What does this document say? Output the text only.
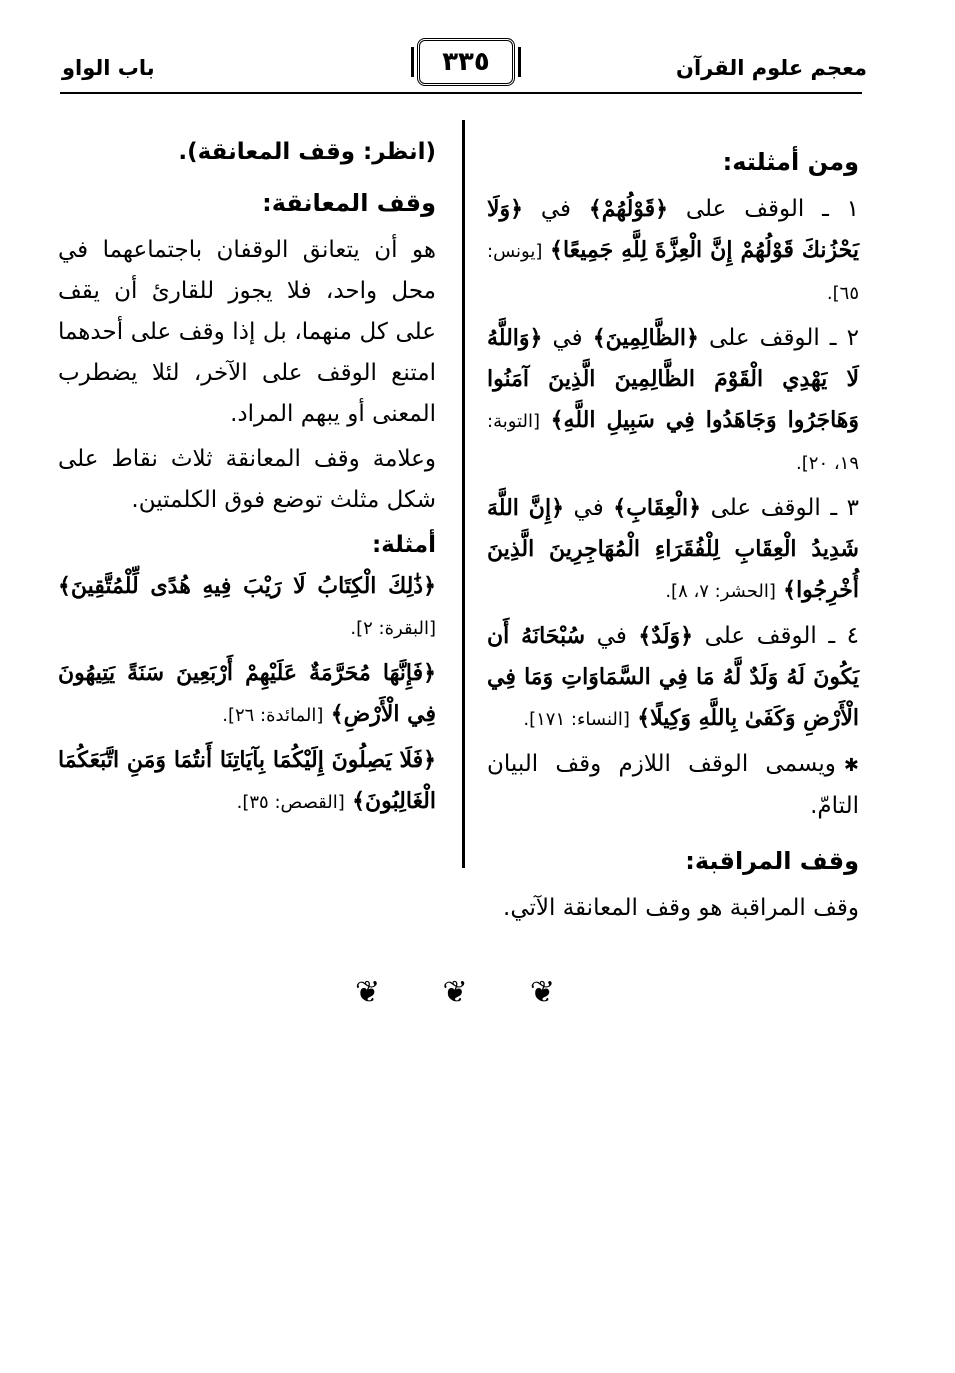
معجم علوم القرآن
٣٣٥
باب الواو
ومن أمثلته:
١ ـ الوقف على ﴿قَوْلُهُمْ﴾ في ﴿وَلَا يَحْزُنكَ قَوْلُهُمْ إِنَّ الْعِزَّةَ لِلَّهِ جَمِيعًا﴾ [يونس: ٦٥].
٢ ـ الوقف على ﴿الظَّالِمِينَ﴾ في ﴿وَاللَّهُ لَا يَهْدِي الْقَوْمَ الظَّالِمِينَ الَّذِينَ آمَنُوا وَهَاجَرُوا وَجَاهَدُوا فِي سَبِيلِ اللَّهِ﴾ [التوبة: ١٩، ٢٠].
٣ ـ الوقف على ﴿الْعِقَابِ﴾ في ﴿إِنَّ اللَّهَ شَدِيدُ الْعِقَابِ لِلْفُقَرَاءِ الْمُهَاجِرِينَ الَّذِينَ أُخْرِجُوا﴾ [الحشر: ٧، ٨].
٤ ـ الوقف على ﴿وَلَدٌ﴾ في سُبْحَانَهُ أَن يَكُونَ لَهُ وَلَدٌ لَّهُ مَا فِي السَّمَاوَاتِ وَمَا فِي الْأَرْضِ وَكَفَىٰ بِاللَّهِ وَكِيلًا﴾ [النساء: ١٧١].
✱ويسمى الوقف اللازم وقف البيان التامّ.
وقف المراقبة:
وقف المراقبة هو وقف المعانقة الآتي.
(انظر: وقف المعانقة).
وقف المعانقة:
هو أن يتعانق الوقفان باجتماعهما في محل واحد، فلا يجوز للقارئ أن يقف على كل منهما، بل إذا وقف على أحدهما امتنع الوقف على الآخر، لئلا يضطرب المعنى أو يبهم المراد.
وعلامة وقف المعانقة ثلاث نقاط على شكل مثلث توضع فوق الكلمتين.
أمثلة:
﴿ذَٰلِكَ الْكِتَابُ لَا رَيْبَ فِيهِ هُدًى لِّلْمُتَّقِينَ﴾ [البقرة: ٢].
﴿فَإِنَّهَا مُحَرَّمَةٌ عَلَيْهِمْ أَرْبَعِينَ سَنَةً يَتِيهُونَ فِي الْأَرْضِ﴾ [المائدة: ٢٦].
﴿فَلَا يَصِلُونَ إِلَيْكُمَا بِآيَاتِنَا أَنتُمَا وَمَنِ اتَّبَعَكُمَا الْغَالِبُونَ﴾ [القصص: ٣٥].
❦
❦
❦
